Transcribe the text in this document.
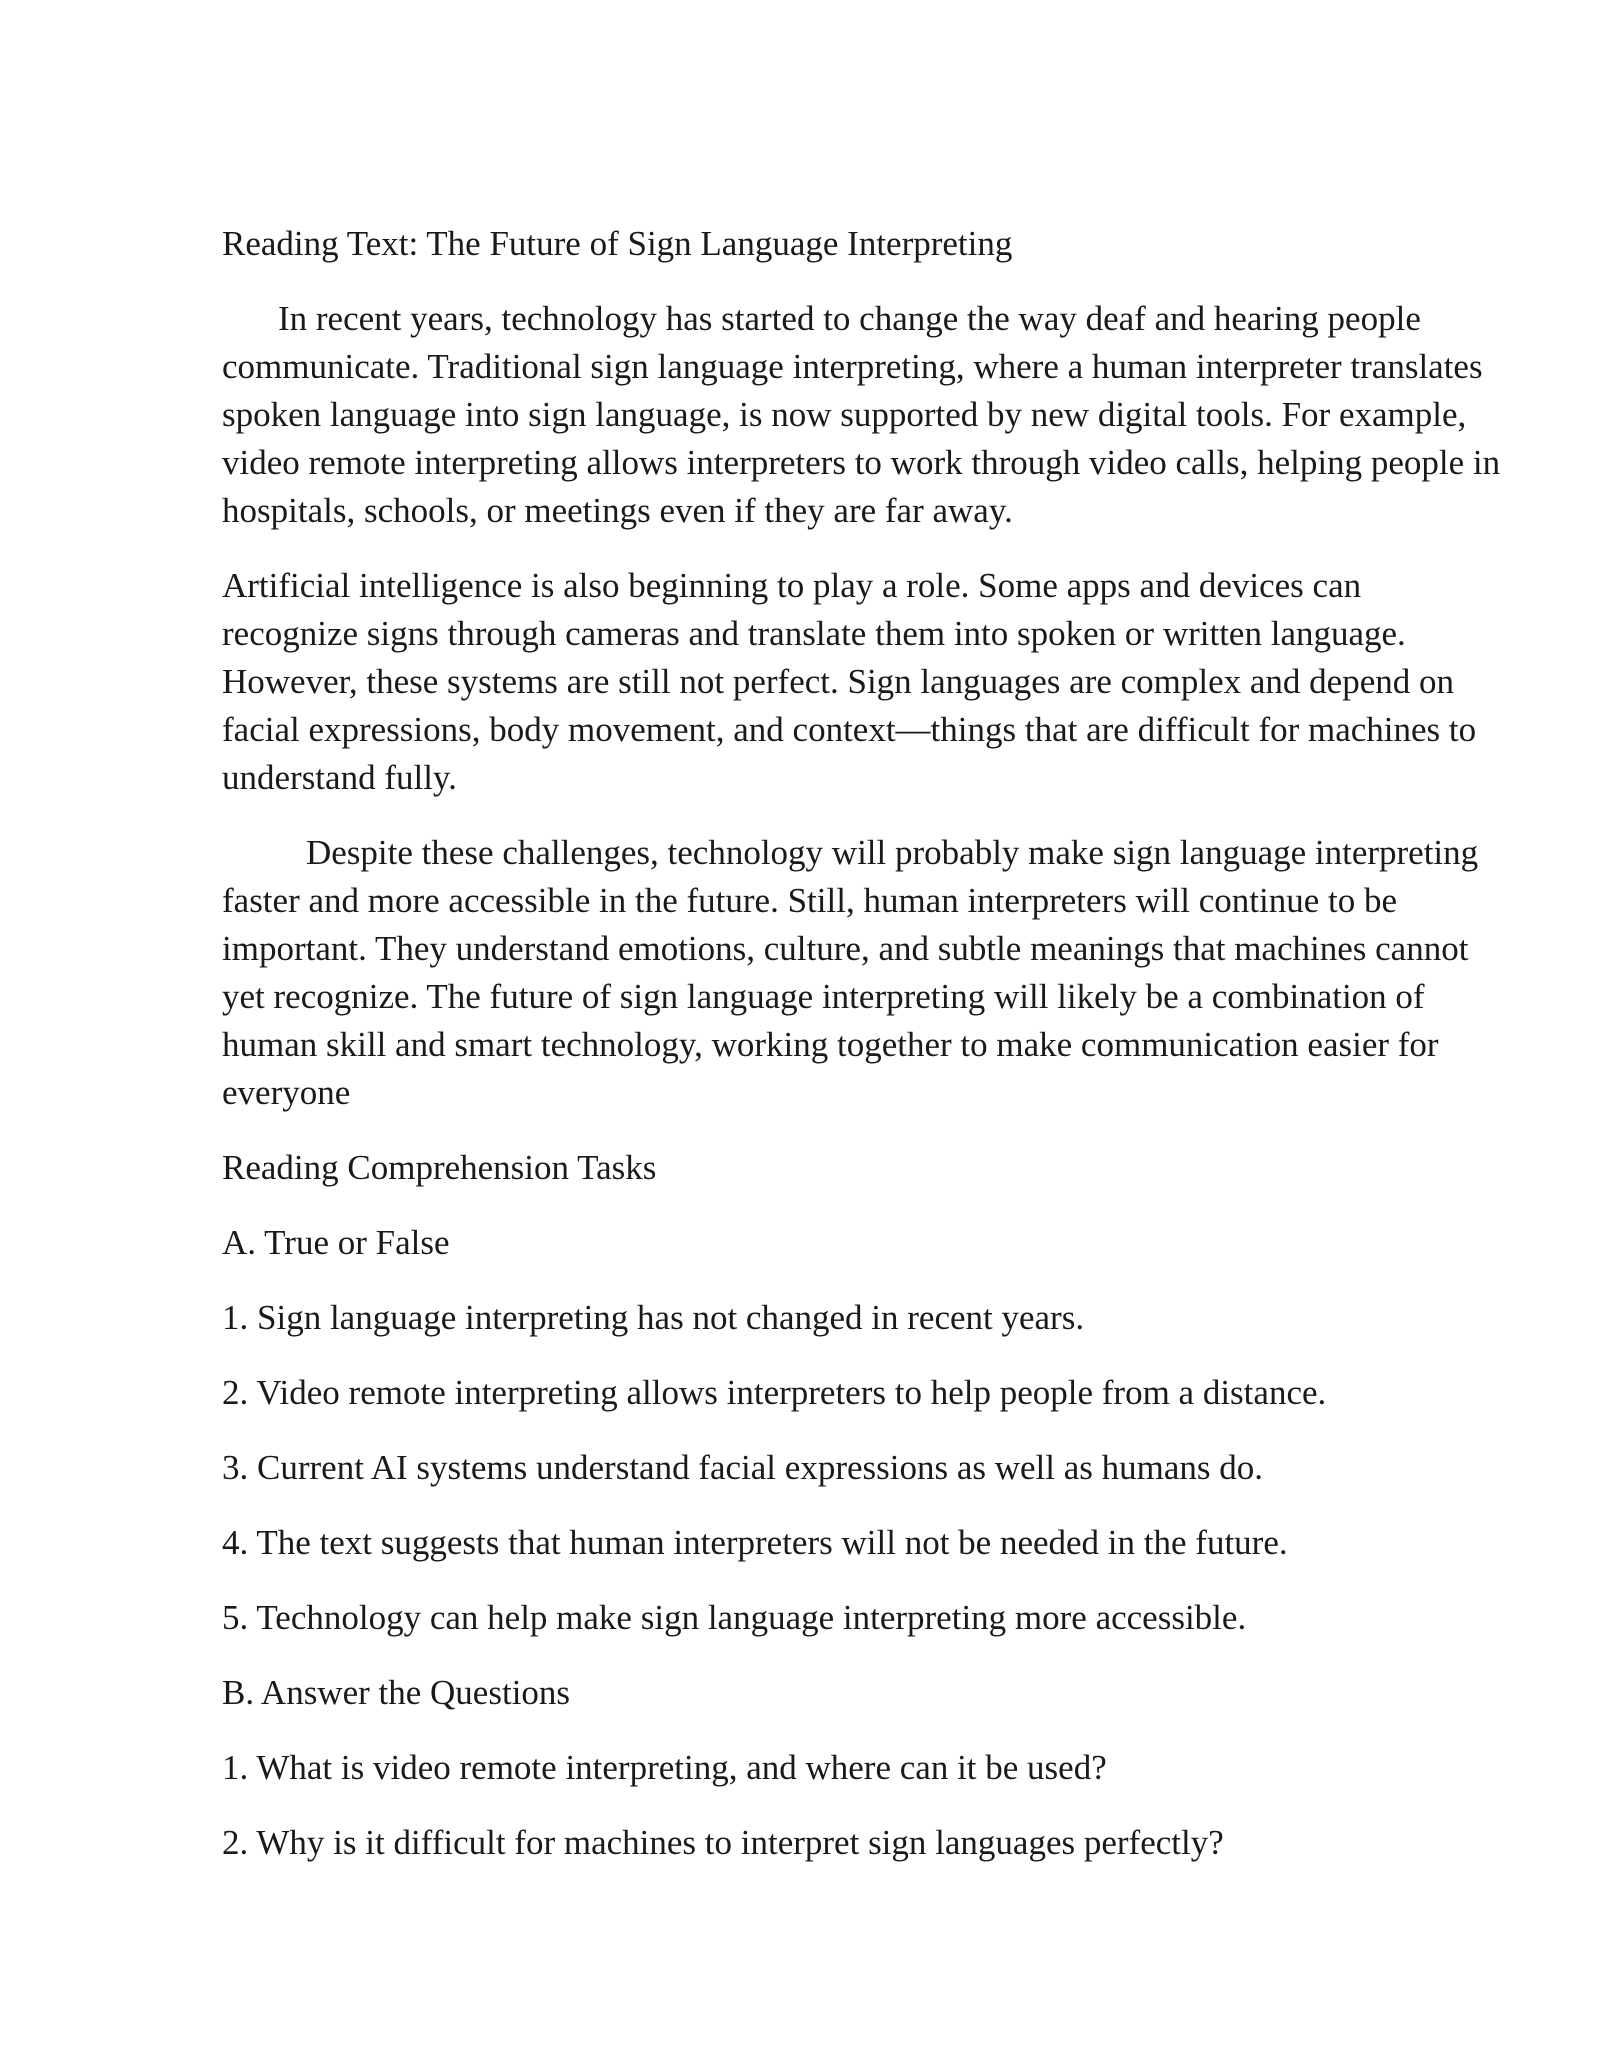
Reading Text: The Future of Sign Language Interpreting

In recent years, technology has started to change the way deaf and hearing people communicate. Traditional sign language interpreting, where a human interpreter translates spoken language into sign language, is now supported by new digital tools. For example, video remote interpreting allows interpreters to work through video calls, helping people in hospitals, schools, or meetings even if they are far away.

Artificial intelligence is also beginning to play a role. Some apps and devices can recognize signs through cameras and translate them into spoken or written language. However, these systems are still not perfect. Sign languages are complex and depend on facial expressions, body movement, and context—things that are difficult for machines to understand fully.

Despite these challenges, technology will probably make sign language interpreting faster and more accessible in the future. Still, human interpreters will continue to be important. They understand emotions, culture, and subtle meanings that machines cannot yet recognize. The future of sign language interpreting will likely be a combination of human skill and smart technology, working together to make communication easier for everyone

Reading Comprehension Tasks

A. True or False

1. Sign language interpreting has not changed in recent years.

2. Video remote interpreting allows interpreters to help people from a distance.

3. Current AI systems understand facial expressions as well as humans do.

4. The text suggests that human interpreters will not be needed in the future.

5. Technology can help make sign language interpreting more accessible.

B. Answer the Questions

1. What is video remote interpreting, and where can it be used?

2. Why is it difficult for machines to interpret sign languages perfectly?
